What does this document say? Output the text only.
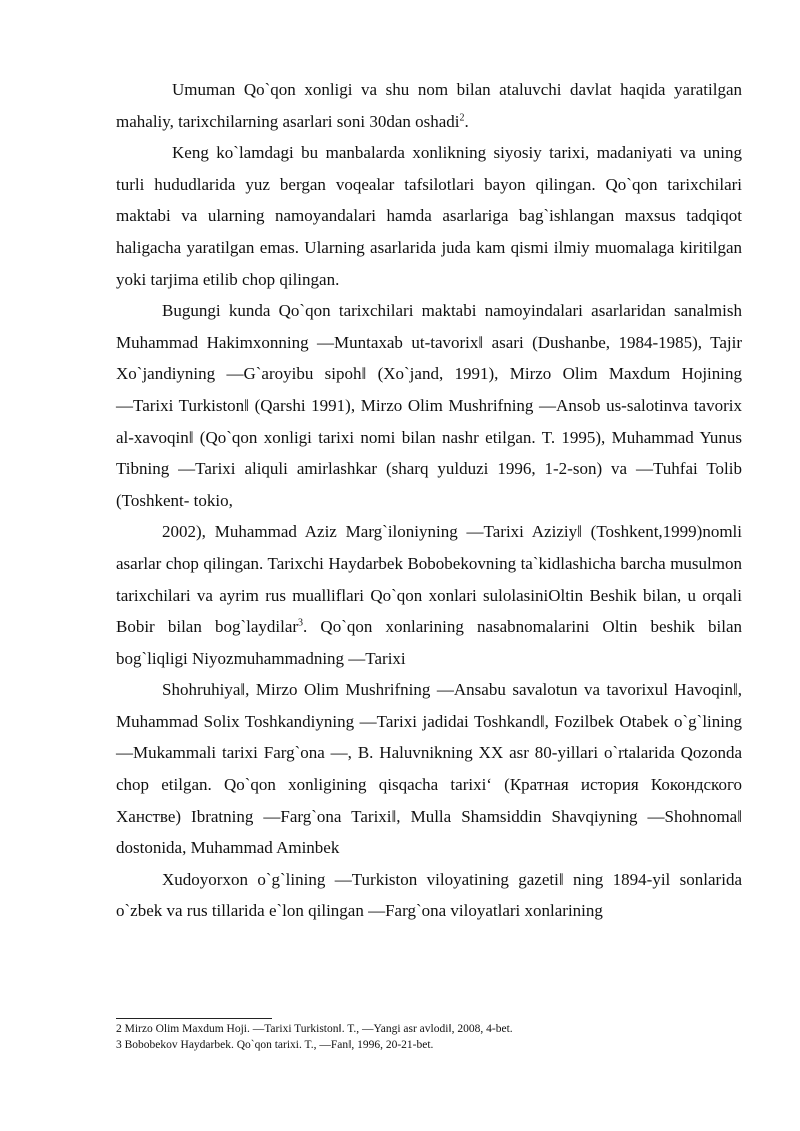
Umuman Qo`qon xonligi va shu nom bilan ataluvchi davlat haqida yaratilgan mahaliy, tarixchilarning asarlari soni 30dan oshadi$^2$.

Keng ko`lamdagi bu manbalarda xonlikning siyosiy tarixi, madaniyati va uning turli hududlarida yuz bergan voqealar tafsilotlari bayon qilingan. Qo`qon tarixchilari maktabi va ularning namoyandalari hamda asarlariga bag`ishlangan maxsus tadqiqot haligacha yaratilgan emas. Ularning asarlarida juda kam qismi ilmiy muomalaga kiritilgan yoki tarjima etilib chop qilingan.

Bugungi kunda Qo`qon tarixchilari maktabi namoyindalari asarlaridan sanalmish Muhammad Hakimxonning ―Muntaxab ut-tavorix‖ asari (Dushanbe, 1984-1985), Tajir Xo`jandiyning ―G`aroyibu sipoh‖ (Xo`jand, 1991), Mirzo Olim Maxdum Hojining ―Tarixi Turkiston‖ (Qarshi 1991), Mirzo Olim Mushrifning ―Ansob us-salotinva tavorix al-xavoqin‖ (Qo`qon xonligi tarixi nomi bilan nashr etilgan. T. 1995), Muhammad Yunus Tibning ―Tarixi aliquli amirlashkar (sharq yulduzi 1996, 1-2-son) va ―Tuhfai Tolib (Toshkent- tokio,

2002), Muhammad Aziz Marg`iloniyning ―Tarixi Aziziy‖ (Toshkent,1999)nomli asarlar chop qilingan. Tarixchi Haydarbek Bobobekovning ta`kidlashicha barcha musulmon tarixchilari va ayrim rus mualliflari Qo`qon xonlari sulolasiniOltin Beshik bilan, u orqali Bobir bilan bog`laydilar$^3$. Qo`qon xonlarining nasabnomalarini Oltin beshik bilan bog`liqligi Niyozmuhammadning ―Tarixi

Shohruhiya‖, Mirzo Olim Mushrifning ―Ansabu savalotun va tavorixul Havoqin‖, Muhammad Solix Toshkandiyning ―Tarixi jadidai Toshkand‖, Fozilbek Otabek o`g`lining ―Mukammali tarixi Farg`ona ―, B. Haluvnikning XX asr 80-yillari o`rtalarida Qozonda chop etilgan. Qo`qon xonligining qisqacha tarixi‘ (Кратная история Кокондского Ханстве) Ibratning ―Farg`ona Tarixi‖, Mulla Shamsiddin Shavqiyning ―Shohnoma‖ dostonida, Muhammad Aminbek

Xudoyorxon o`g`lining ―Turkiston viloyatining gazeti‖ ning 1894-yil sonlarida o`zbek va rus tillarida e`lon qilingan ―Farg`ona viloyatlari xonlarining

2 Mirzo Olim Maxdum Hoji. ―Tarixi Turkiston‖. T., ―Yangi asr avlodi‖, 2008, 4-bet.

3 Bobobekov Haydarbek. Qo`qon tarixi. T., ―Fan‖, 1996, 20-21-bet.
